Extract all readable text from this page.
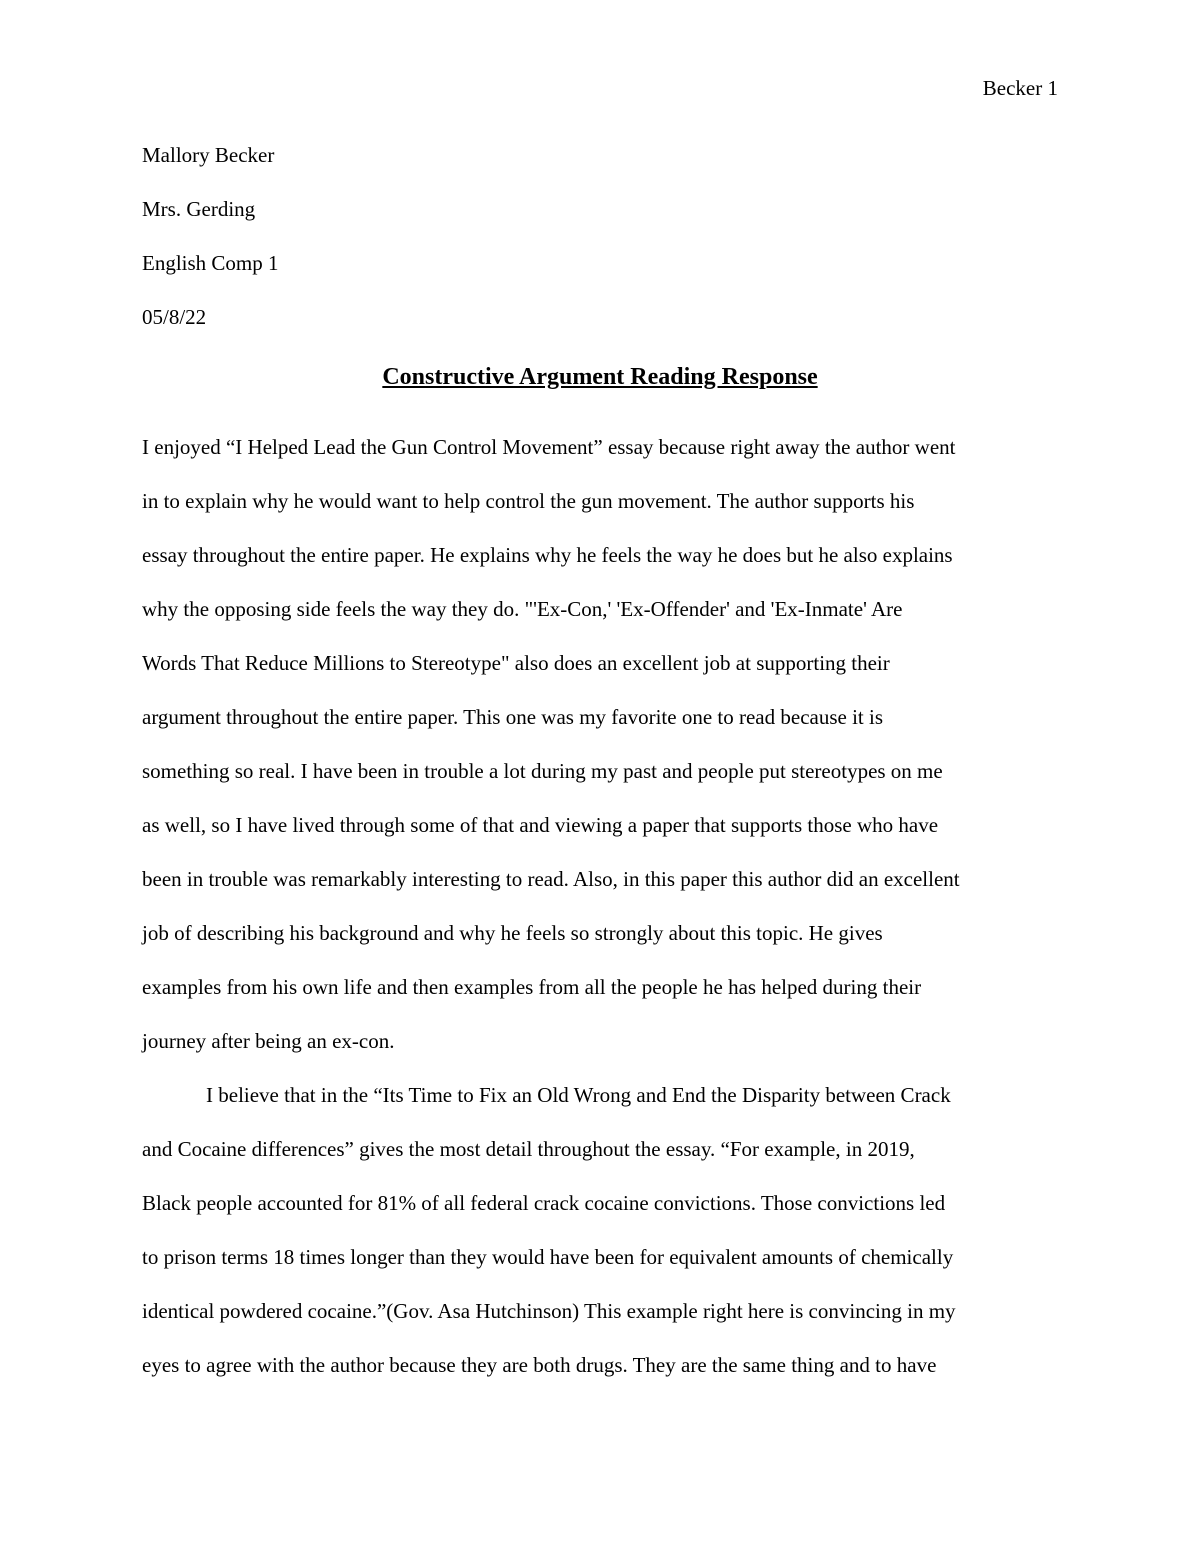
Becker 1
Mallory Becker
Mrs. Gerding
English Comp 1
05/8/22
Constructive Argument Reading Response
I enjoyed “I Helped Lead the Gun Control Movement” essay because right away the author went
in to explain why he would want to help control the gun movement. The author supports his
essay throughout the entire paper. He explains why he feels the way he does but he also explains
why the opposing side feels the way they do. "'Ex-Con,' 'Ex-Offender' and 'Ex-Inmate' Are
Words That Reduce Millions to Stereotype" also does an excellent job at supporting their
argument throughout the entire paper. This one was my favorite one to read because it is
something so real. I have been in trouble a lot during my past and people put stereotypes on me
as well, so I have lived through some of that and viewing a paper that supports those who have
been in trouble was remarkably interesting to read. Also, in this paper this author did an excellent
job of describing his background and why he feels so strongly about this topic. He gives
examples from his own life and then examples from all the people he has helped during their
journey after being an ex-con.
I believe that in the “Its Time to Fix an Old Wrong and End the Disparity between Crack
and Cocaine differences” gives the most detail throughout the essay. “For example, in 2019,
Black people accounted for 81% of all federal crack cocaine convictions. Those convictions led
to prison terms 18 times longer than they would have been for equivalent amounts of chemically
identical powdered cocaine.”(Gov. Asa Hutchinson) This example right here is convincing in my
eyes to agree with the author because they are both drugs. They are the same thing and to have
